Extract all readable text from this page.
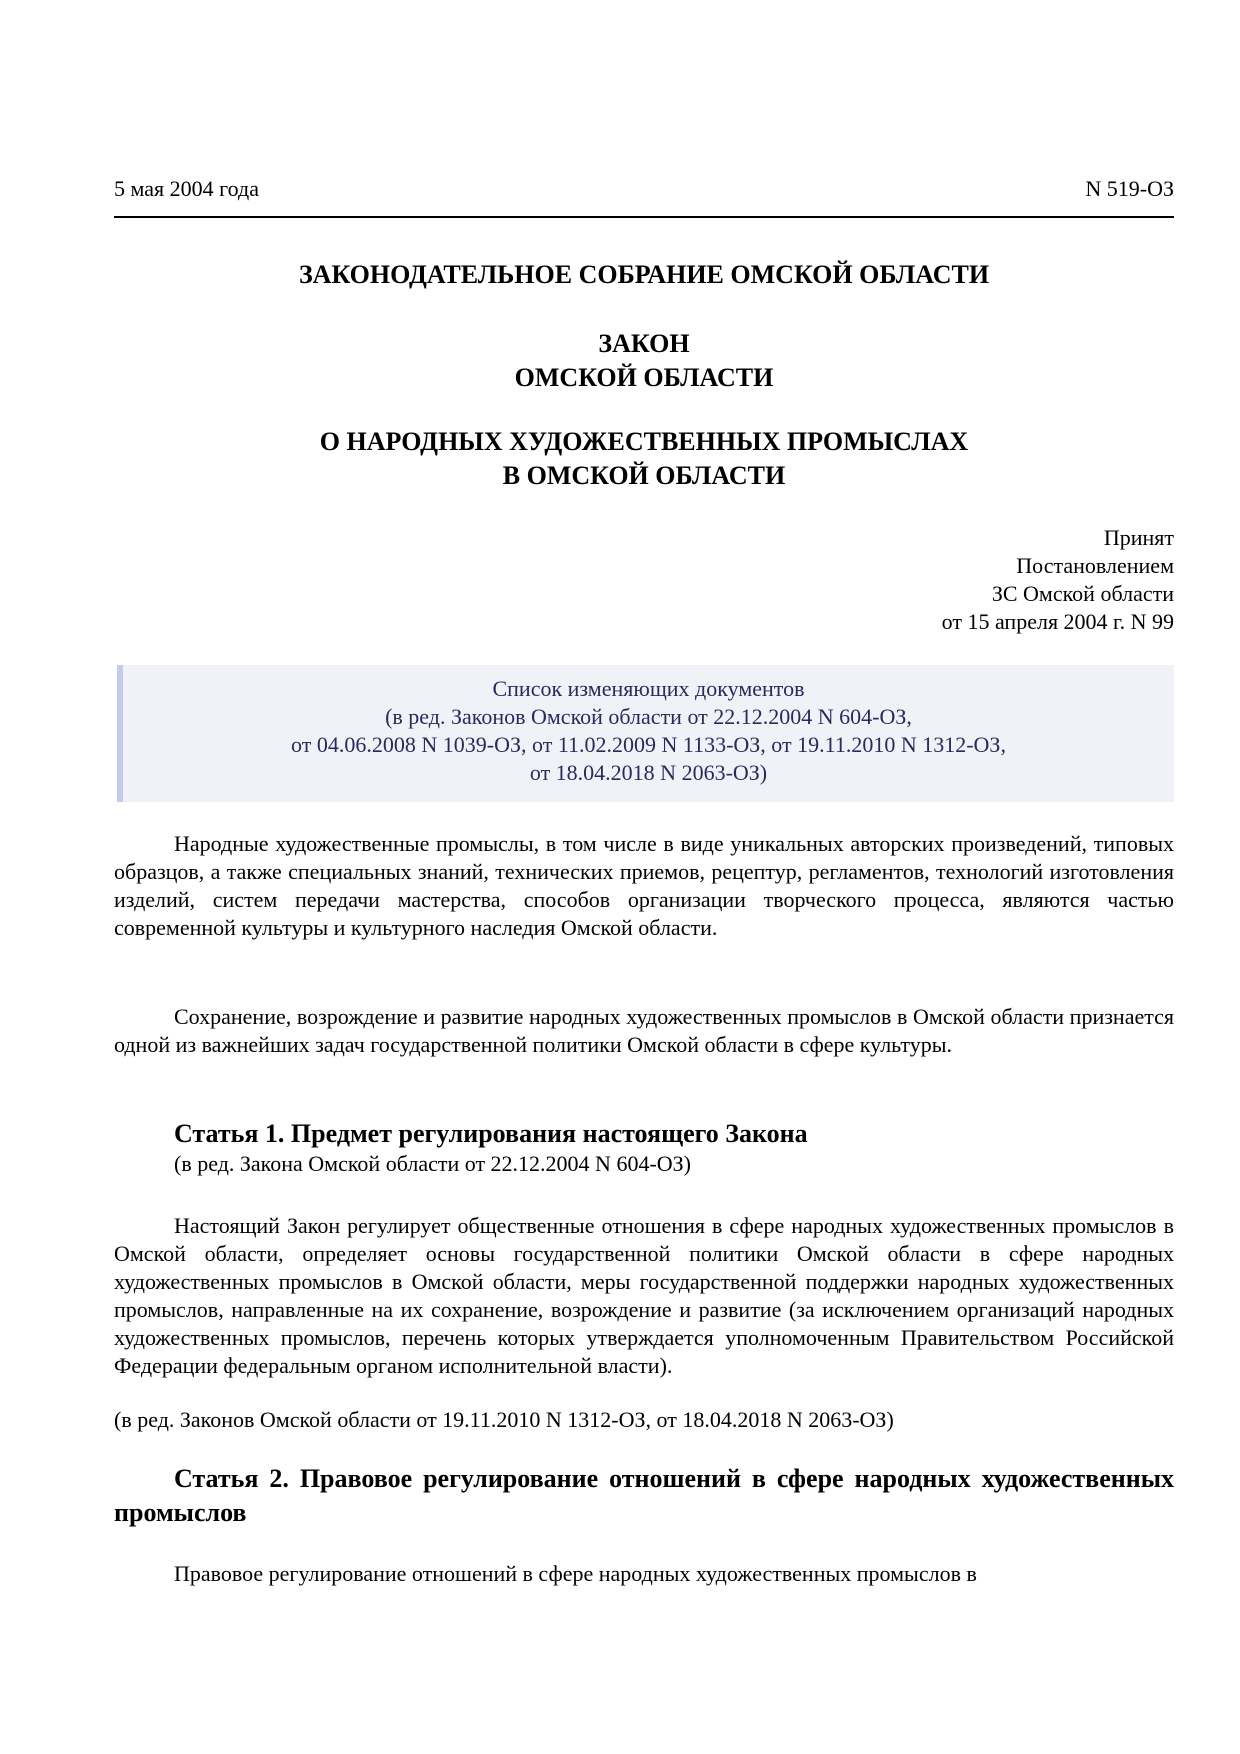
5 мая 2004 года	N 519-ОЗ
ЗАКОНОДАТЕЛЬНОЕ СОБРАНИЕ ОМСКОЙ ОБЛАСТИ
ЗАКОН
ОМСКОЙ ОБЛАСТИ
О НАРОДНЫХ ХУДОЖЕСТВЕННЫХ ПРОМЫСЛАХ
В ОМСКОЙ ОБЛАСТИ
Принят
Постановлением
ЗС Омской области
от 15 апреля 2004 г. N 99
Список изменяющих документов
(в ред. Законов Омской области от 22.12.2004 N 604-ОЗ,
от 04.06.2008 N 1039-ОЗ, от 11.02.2009 N 1133-ОЗ, от 19.11.2010 N 1312-ОЗ,
от 18.04.2018 N 2063-ОЗ)
Народные художественные промыслы, в том числе в виде уникальных авторских произведений, типовых образцов, а также специальных знаний, технических приемов, рецептур, регламентов, технологий изготовления изделий, систем передачи мастерства, способов организации творческого процесса, являются частью современной культуры и культурного наследия Омской области.
Сохранение, возрождение и развитие народных художественных промыслов в Омской области признается одной из важнейших задач государственной политики Омской области в сфере культуры.
Статья 1. Предмет регулирования настоящего Закона
(в ред. Закона Омской области от 22.12.2004 N 604-ОЗ)
Настоящий Закон регулирует общественные отношения в сфере народных художественных промыслов в Омской области, определяет основы государственной политики Омской области в сфере народных художественных промыслов в Омской области, меры государственной поддержки народных художественных промыслов, направленные на их сохранение, возрождение и развитие (за исключением организаций народных художественных промыслов, перечень которых утверждается уполномоченным Правительством Российской Федерации федеральным органом исполнительной власти).
(в ред. Законов Омской области от 19.11.2010 N 1312-ОЗ, от 18.04.2018 N 2063-ОЗ)
Статья 2. Правовое регулирование отношений в сфере народных художественных промыслов
Правовое регулирование отношений в сфере народных художественных промыслов в
